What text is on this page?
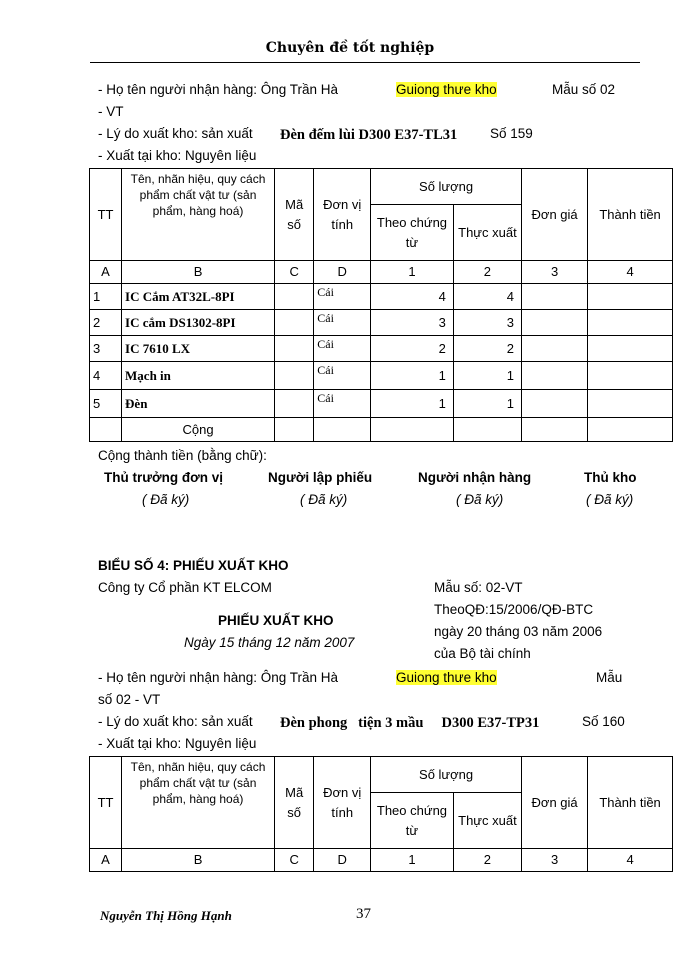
Chuyên đề tốt nghiệp
- Họ tên người nhận hàng: Ông Trần Hà	Guiong thưe kho	Mẫu số 02
- VT
- Lý do xuất kho: sản xuất Đèn đếm lùi D300 E37-TL31 Số 159
- Xuất tại kho: Nguyên liệu
TT	Tên, nhãn hiệu, quy cách phẩm chất vật tư (sản phẩm, hàng hoá)	Mã số	Đơn vị tính	Số lượng		Đơn giá	Thành tiền
				Theo chứng từ	Thực xuất		
A	B	C	D	1	2	3	4
1	IC Cắm AT32L-8PI		Cái	4	4		
2	IC cắm DS1302-8PI		Cái	3	3		
3	IC 7610 LX		Cái	2	2		
4	Mạch in		Cái	1	1		
5	Đèn		Cái	1	1		
	Cộng						
Cộng thành tiền (bằng chữ):
Thủ trưởng đơn vị	Người lập phiếu	Người nhận hàng	Thủ kho
( Đã ký)	( Đã ký)	( Đã ký)	( Đã ký)
BIỂU SỐ 4: PHIẾU XUẤT KHO
Công ty Cổ phần KT ELCOM	Mẫu số: 02-VT
TheoQĐ:15/2006/QĐ-BTC
ngày 20 tháng 03 năm 2006
của Bộ tài chính
PHIẾU XUẤT KHO
Ngày 15 tháng 12 năm 2007
- Họ tên người nhận hàng: Ông Trần Hà	Guiong thưe kho	Mẫu
số 02 - VT
- Lý do xuất kho: sản xuất Đèn phong   tiện 3 mầu     D300 E37-TP31	Số 160
- Xuất tại kho: Nguyên liệu
TT	Tên, nhãn hiệu, quy cách phẩm chất vật tư (sản phẩm, hàng hoá)	Mã số	Đơn vị tính	Số lượng		Đơn giá	Thành tiền
				Theo chứng từ	Thực xuất		
A	B	C	D	1	2	3	4
Nguyễn Thị Hồng Hạnh	37
